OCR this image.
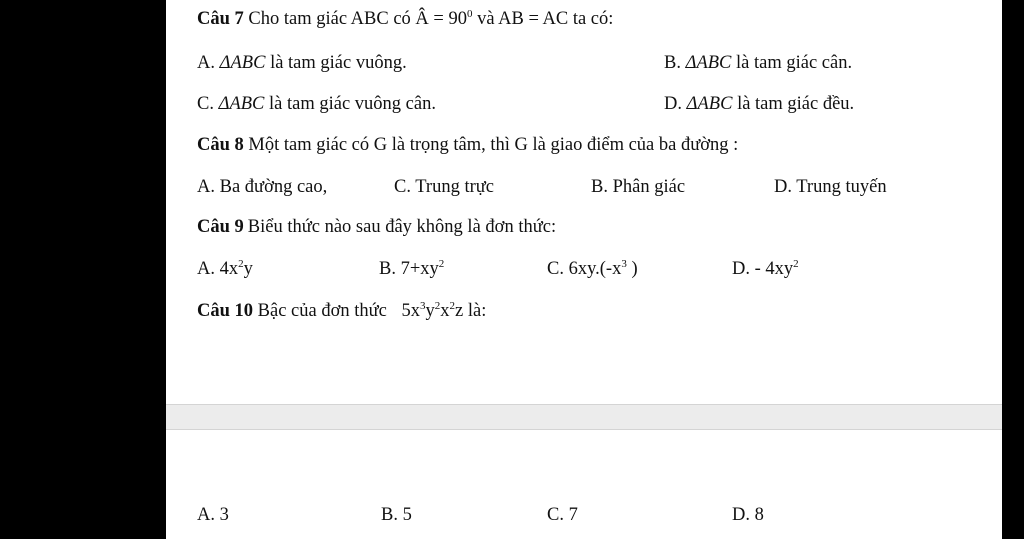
Câu 7 Cho tam giác ABC có Â = $90^0$ và AB = AC ta có:
A. ΔABC là tam giác vuông.	B. ΔABC là tam giác cân.
C. ΔABC là tam giác vuông cân.	D. ΔABC là tam giác đều.
Câu 8 Một tam giác có G là trọng tâm, thì G là giao điểm của ba đường :
A. Ba đường cao,	C. Trung trực	B. Phân giác	D. Trung tuyến
Câu 9 Biểu thức nào sau đây không là đơn thức:
A. $4x^2y$	B. $7+xy^2$	C. $6xy.(-x^3$ )	D. - $4xy^2$
Câu 10 Bậc của đơn thức $5x^3y^2x^2z$ là:
A. 3	B. 5	C. 7	D. 8
